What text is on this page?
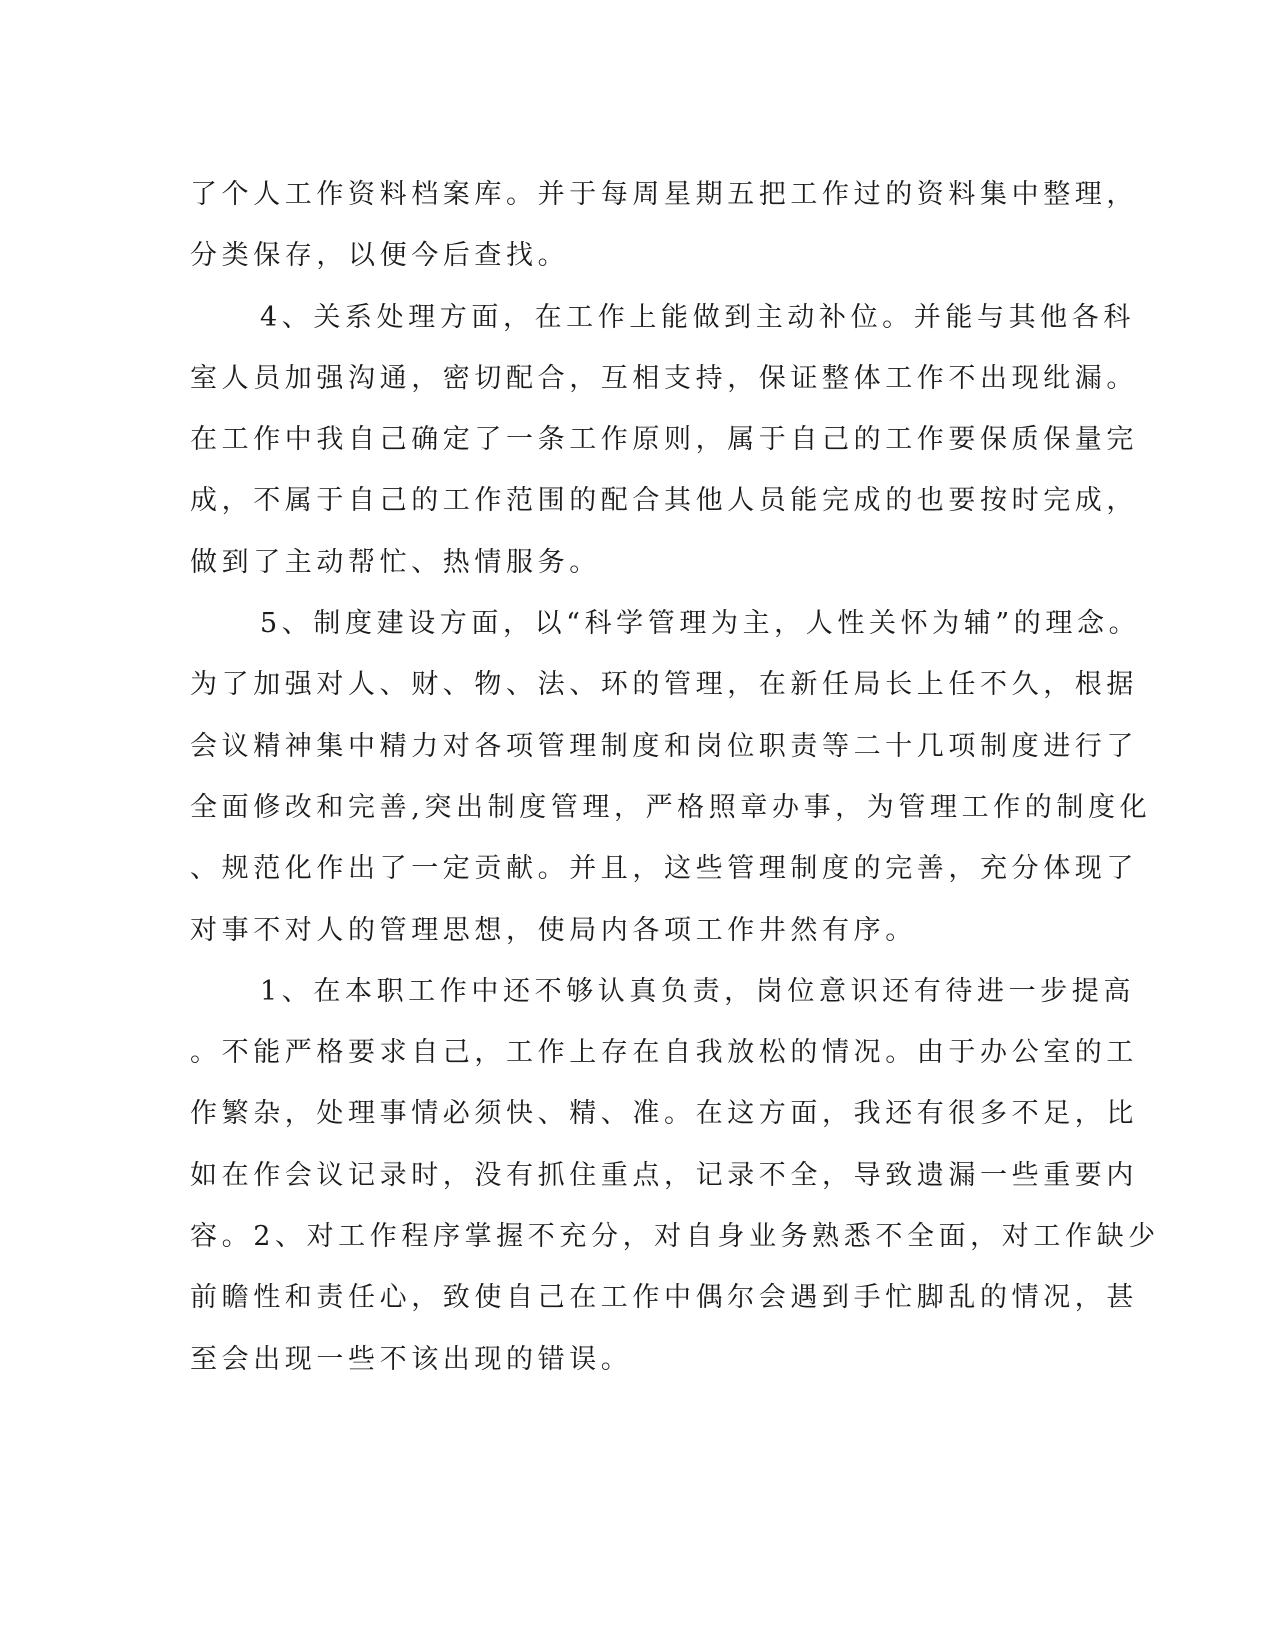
了个人工作资料档案库。并于每周星期五把工作过的资料集中整理，
分类保存，以便今后查找。
4、关系处理方面，在工作上能做到主动补位。并能与其他各科
室人员加强沟通，密切配合，互相支持，保证整体工作不出现纰漏。
在工作中我自己确定了一条工作原则，属于自己的工作要保质保量完
成，不属于自己的工作范围的配合其他人员能完成的也要按时完成，
做到了主动帮忙、热情服务。
5、制度建设方面，以“科学管理为主，人性关怀为辅”的理念。
为了加强对人、财、物、法、环的管理，在新任局长上任不久，根据
会议精神集中精力对各项管理制度和岗位职责等二十几项制度进行了
全面修改和完善,突出制度管理，严格照章办事，为管理工作的制度化
、规范化作出了一定贡献。并且，这些管理制度的完善，充分体现了
对事不对人的管理思想，使局内各项工作井然有序。
1、在本职工作中还不够认真负责，岗位意识还有待进一步提高
。不能严格要求自己，工作上存在自我放松的情况。由于办公室的工
作繁杂，处理事情必须快、精、准。在这方面，我还有很多不足，比
如在作会议记录时，没有抓住重点，记录不全，导致遗漏一些重要内
容。2、对工作程序掌握不充分，对自身业务熟悉不全面，对工作缺少
前瞻性和责任心，致使自己在工作中偶尔会遇到手忙脚乱的情况，甚
至会出现一些不该出现的错误。
